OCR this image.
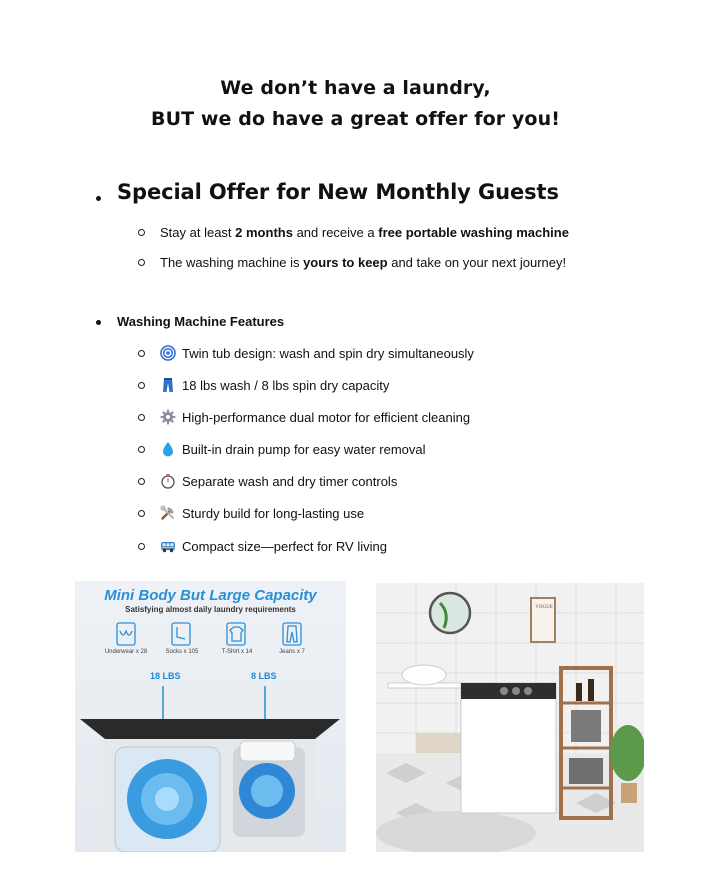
We don’t have a laundry,
BUT we do have a great offer for you!
Special Offer for New Monthly Guests
Stay at least 2 months and receive a free portable washing machine
The washing machine is yours to keep and take on your next journey!
Washing Machine Features
Twin tub design: wash and spin dry simultaneously
18 lbs wash / 8 lbs spin dry capacity
High-performance dual motor for efficient cleaning
Built-in drain pump for easy water removal
Separate wash and dry timer controls
Sturdy build for long-lasting use
Compact size—perfect for RV living
Mini Body But Large Capacity
Satisfying almost daily laundry requirements
Underwear x 28	Socks x 105	T-Shirt x 14	Jeans x 7
18 LBS	8 LBS
VOGUE
